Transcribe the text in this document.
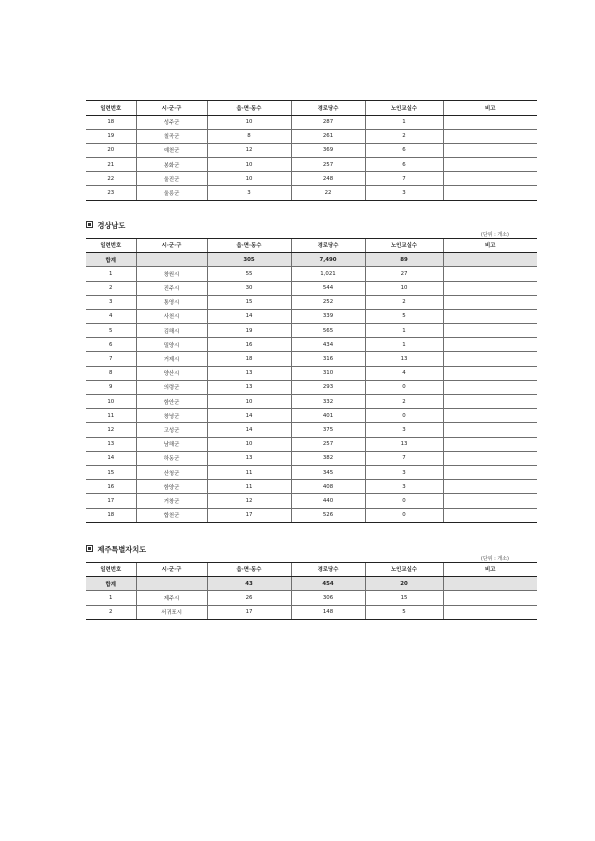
일련번호	시·군·구	읍·면·동수	경로당수	노인교실수	비고
18	성주군	10	287	1	
19	칠곡군	8	261	2	
20	예천군	12	369	6	
21	봉화군	10	257	6	
22	울진군	10	248	7	
23	울릉군	3	22	3	
경상남도
(단위 : 개소)
일련번호	시·군·구	읍·면·동수	경로당수	노인교실수	비고
합계		305	7,490	89	
1	창원시	55	1,021	27	
2	진주시	30	544	10	
3	통영시	15	252	2	
4	사천시	14	339	5	
5	김해시	19	565	1	
6	밀양시	16	434	1	
7	거제시	18	316	13	
8	양산시	13	310	4	
9	의령군	13	293	0	
10	함안군	10	332	2	
11	창녕군	14	401	0	
12	고성군	14	375	3	
13	남해군	10	257	13	
14	하동군	13	382	7	
15	산청군	11	345	3	
16	함양군	11	408	3	
17	거창군	12	440	0	
18	합천군	17	526	0	
제주특별자치도
(단위 : 개소)
일련번호	시·군·구	읍·면·동수	경로당수	노인교실수	비고
합계		43	454	20	
1	제주시	26	306	15	
2	서귀포시	17	148	5	
